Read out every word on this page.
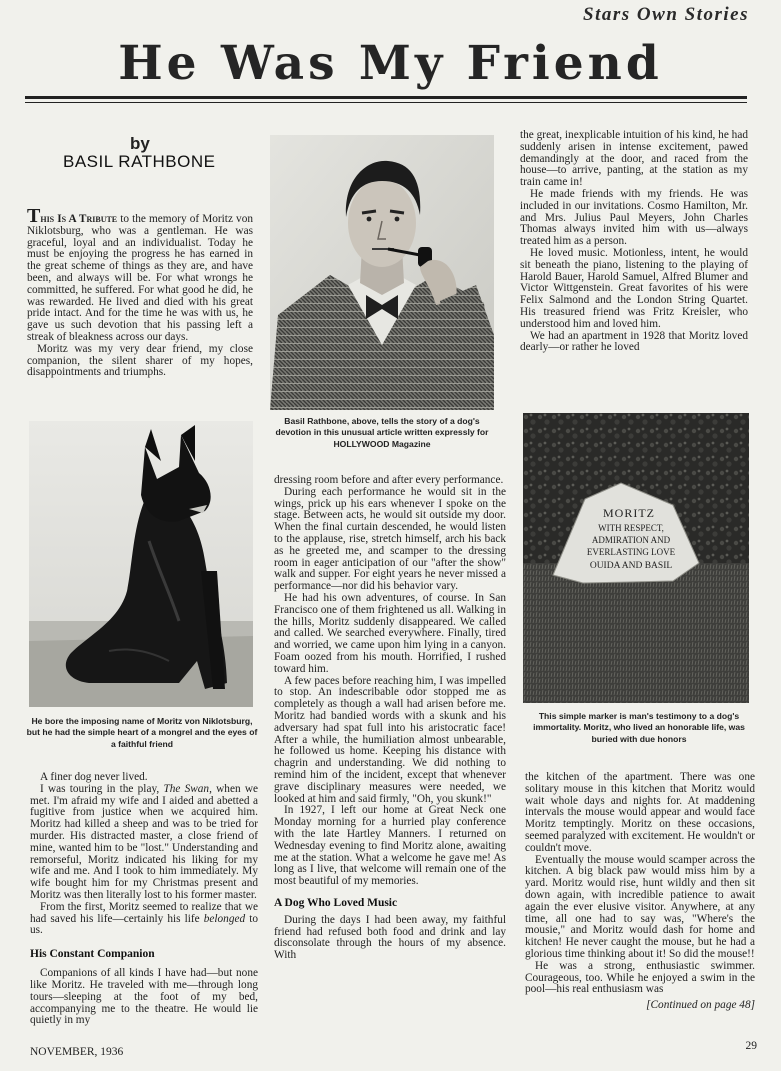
Stars Own Stories
He Was My Friend
by
BASIL RATHBONE

This Is A Tribute to the memory of Moritz von Niklotsburg, who was a gentleman. He was graceful, loyal and an individualist. Today he must be enjoying the progress he has earned in the great scheme of things as they are, and have been, and always will be. For what wrongs he committed, he suffered. For what good he did, he was rewarded. He lived and died with his great pride intact. And for the time he was with us, he gave us such devotion that his passing left a streak of bleakness across our days.

Moritz was my very dear friend, my close companion, the silent sharer of my hopes, disappointments and triumphs.

Basil Rathbone, above, tells the story of a dog's devotion in this unusual article written expressly for HOLLYWOOD Magazine

the great, inexplicable intuition of his kind, he had suddenly arisen in intense excitement, pawed demandingly at the door, and raced from the house—to arrive, panting, at the station as my train came in!

He made friends with my friends. He was included in our invitations. Cosmo Hamilton, Mr. and Mrs. Julius Paul Meyers, John Charles Thomas always invited him with us—always treated him as a person.

He loved music. Motionless, intent, he would sit beneath the piano, listening to the playing of Harold Bauer, Harold Samuel, Alfred Blumer and Victor Wittgenstein. Great favorites of his were Felix Salmond and the London String Quartet. His treasured friend was Fritz Kreisler, who understood him and loved him.

We had an apartment in 1928 that Moritz loved dearly—or rather he loved

He bore the imposing name of Moritz von Niklotsburg, but he had the simple heart of a mongrel and the eyes of a faithful friend

dressing room before and after every performance.

During each performance he would sit in the wings, prick up his ears whenever I spoke on the stage. Between acts, he would sit outside my door. When the final curtain descended, he would listen to the applause, rise, stretch himself, arch his back as he greeted me, and scamper to the dressing room in eager anticipation of our "after the show" walk and supper. For eight years he never missed a performance—nor did his behavior vary.

He had his own adventures, of course. In San Francisco one of them frightened us all. Walking in the hills, Moritz suddenly disappeared. We called and called. We searched everywhere. Finally, tired and worried, we came upon him lying in a canyon. Foam oozed from his mouth. Horrified, I rushed toward him.

A few paces before reaching him, I was impelled to stop. An indescribable odor stopped me as completely as though a wall had arisen before me. Moritz had bandied words with a skunk and his adversary had spat full into his aristocratic face! After a while, the humiliation almost unbearable, he followed us home. Keeping his distance with chagrin and understanding. We did nothing to remind him of the incident, except that whenever grave disciplinary measures were needed, we looked at him and said firmly, "Oh, you skunk!"

In 1927, I left our home at Great Neck one Monday morning for a hurried play conference with the late Hartley Manners. I returned on Wednesday evening to find Moritz alone, awaiting me at the station. What a welcome he gave me! As long as I live, that welcome will remain one of the most beautiful of my memories.

A Dog Who Loved Music

During the days I had been away, my faithful friend had refused both food and drink and lay disconsolate through the hours of my absence. With

MORITZ
WITH RESPECT,
ADMIRATION AND
EVERLASTING LOVE
OUIDA AND BASIL
This simple marker is man's testimony to a dog's immortality. Moritz, who lived an honorable life, was buried with due honors

A finer dog never lived.

I was touring in the play, The Swan, when we met. I'm afraid my wife and I aided and abetted a fugitive from justice when we acquired him. Moritz had killed a sheep and was to be tried for murder. His distracted master, a close friend of mine, wanted him to be "lost." Understanding and remorseful, Moritz indicated his liking for my wife and me. And I took to him immediately. My wife bought him for my Christmas present and Moritz was then literally lost to his former master.

From the first, Moritz seemed to realize that we had saved his life—certainly his life belonged to us.

His Constant Companion

Companions of all kinds I have had—but none like Moritz. He traveled with me—through long tours—sleeping at the foot of my bed, accompanying me to the theatre. He would lie quietly in my

the kitchen of the apartment. There was one solitary mouse in this kitchen that Moritz would wait whole days and nights for. At maddening intervals the mouse would appear and would face Moritz temptingly. Moritz on these occasions, seemed paralyzed with excitement. He wouldn't or couldn't move.

Eventually the mouse would scamper across the kitchen. A big black paw would miss him by a yard. Moritz would rise, hunt wildly and then sit down again, with incredible patience to await again the ever elusive visitor. Anywhere, at any time, all one had to say was, "Where's the mousie," and Moritz would dash for home and kitchen! He never caught the mouse, but he had a glorious time thinking about it! So did the mouse!!

He was a strong, enthusiastic swimmer. Courageous, too. While he enjoyed a swim in the pool—his real enthusiasm was

[Continued on page 48]

NOVEMBER, 1936	29
